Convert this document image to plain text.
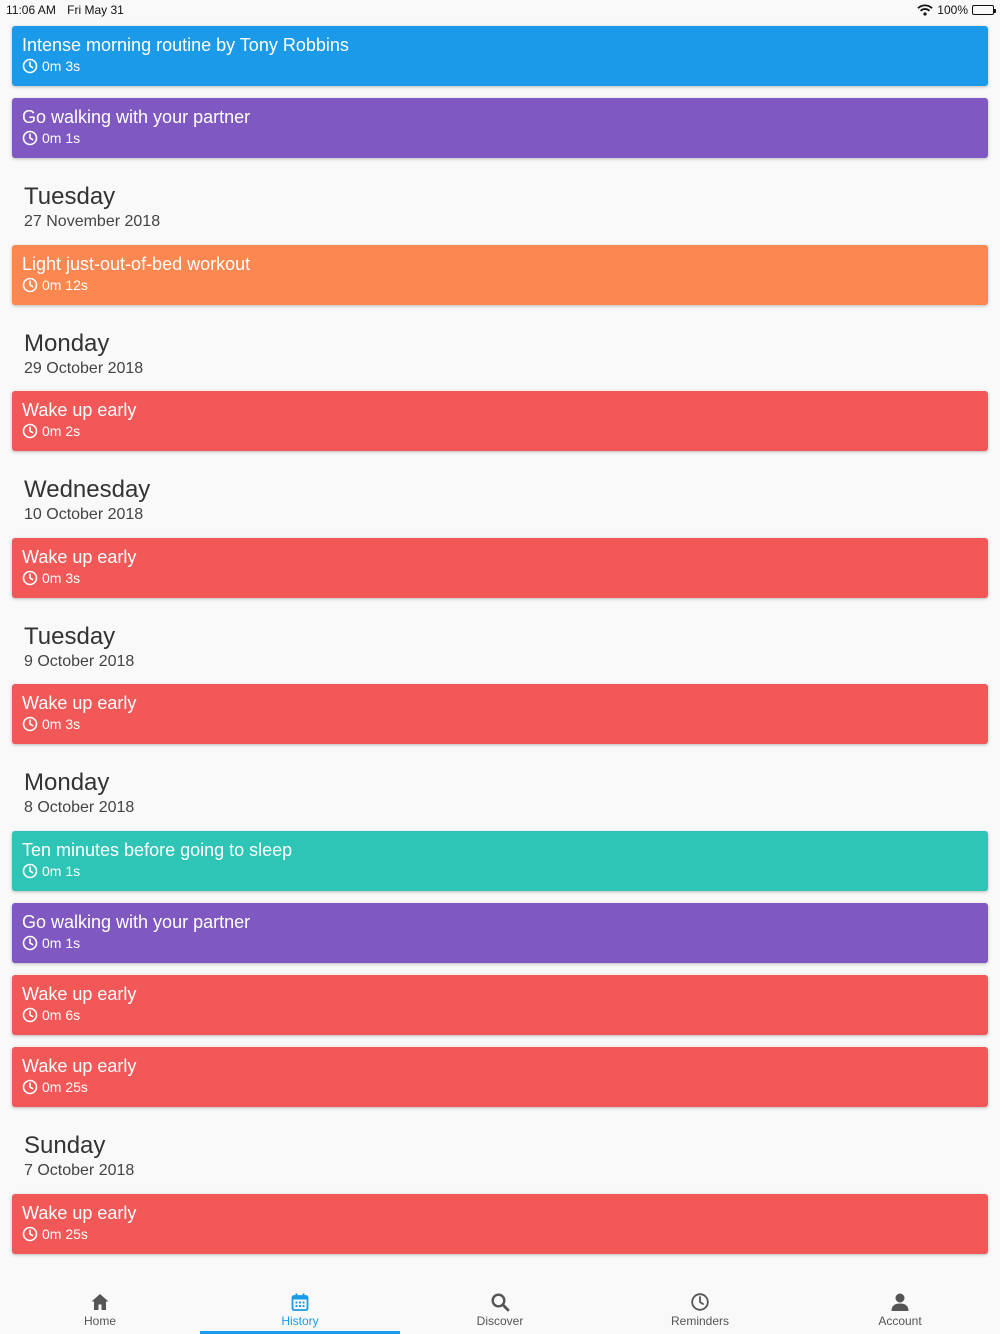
11:06 AM Fri May 31	100%
Intense morning routine by Tony Robbins
0m 3s
Go walking with your partner
0m 1s
Tuesday
27 November 2018
Light just-out-of-bed workout
0m 12s
Monday
29 October 2018
Wake up early
0m 2s
Wednesday
10 October 2018
Wake up early
0m 3s
Tuesday
9 October 2018
Wake up early
0m 3s
Monday
8 October 2018
Ten minutes before going to sleep
0m 1s
Go walking with your partner
0m 1s
Wake up early
0m 6s
Wake up early
0m 25s
Sunday
7 October 2018
Wake up early
0m 25s
Home	History	Discover	Reminders	Account
